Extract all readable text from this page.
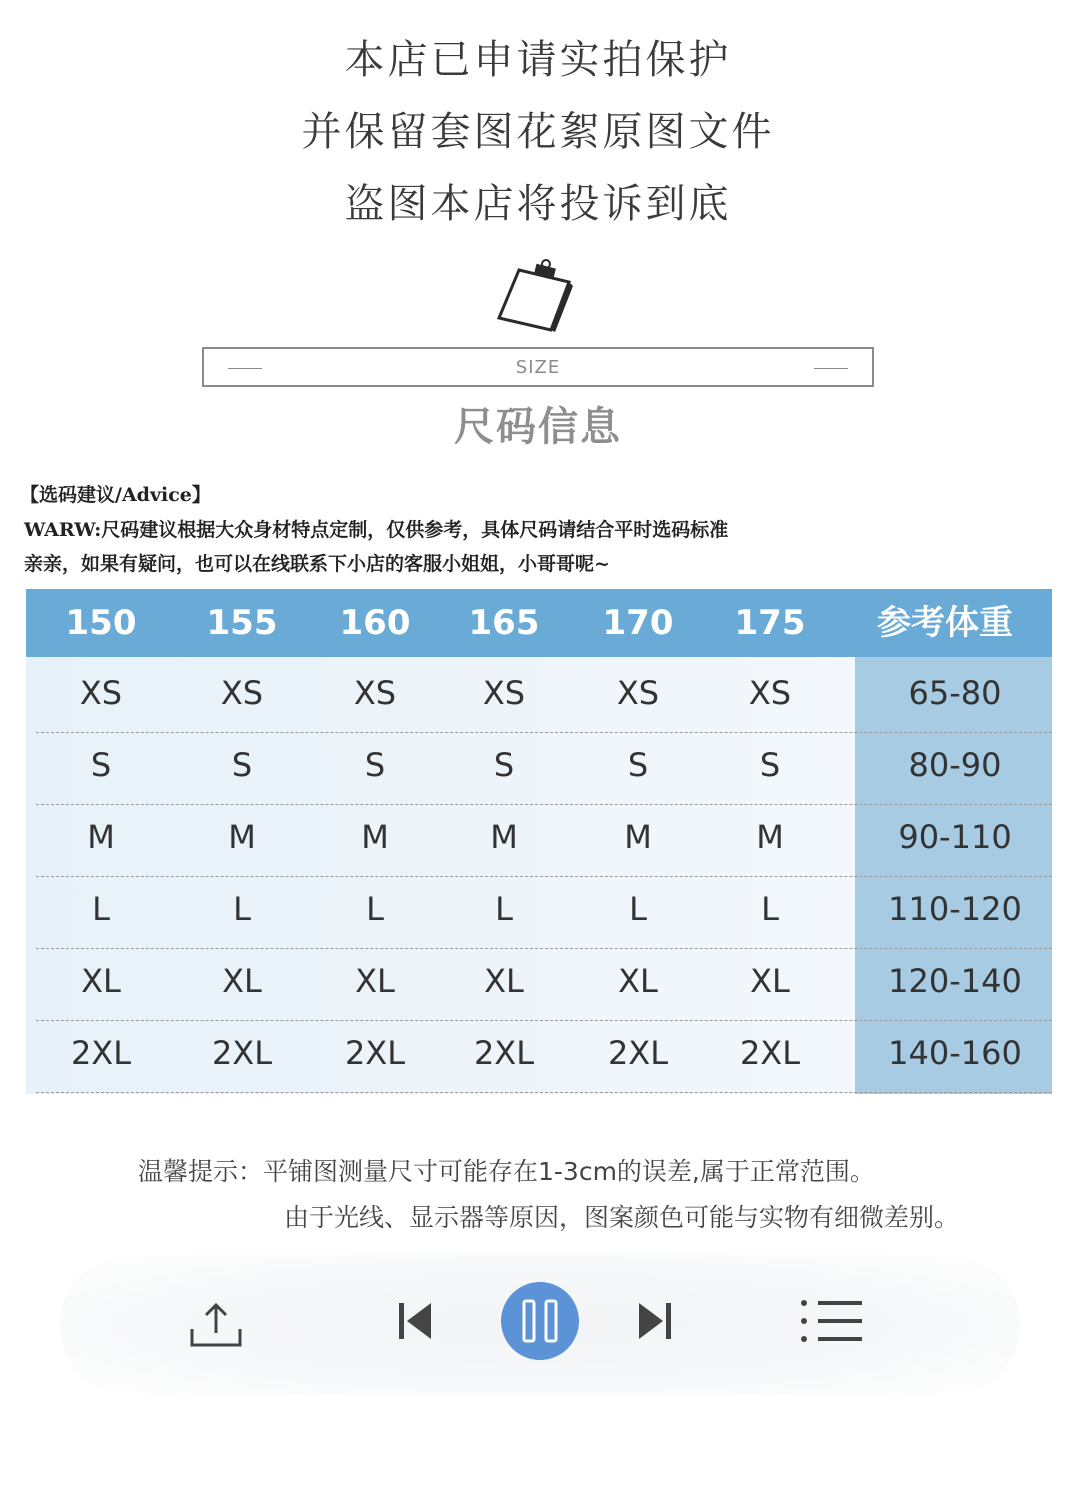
本店已申请实拍保护
并保留套图花絮原图文件
盗图本店将投诉到底
SIZE
尺码信息
【选码建议/Advice】
WARW:尺码建议根据大众身材特点定制，仅供参考，具体尺码请结合平时选码标准
亲亲，如果有疑问，也可以在线联系下小店的客服小姐姐，小哥哥呢~
150	155	160	165	170	175	参考体重
XS	XS	XS	XS	XS	XS	65-80
S	S	S	S	S	S	80-90
M	M	M	M	M	M	90-110
L	L	L	L	L	L	110-120
XL	XL	XL	XL	XL	XL	120-140
2XL	2XL	2XL	2XL	2XL	2XL	140-160
温馨提示：平铺图测量尺寸可能存在1-3cm的误差,属于正常范围。
由于光线、显示器等原因，图案颜色可能与实物有细微差别。
